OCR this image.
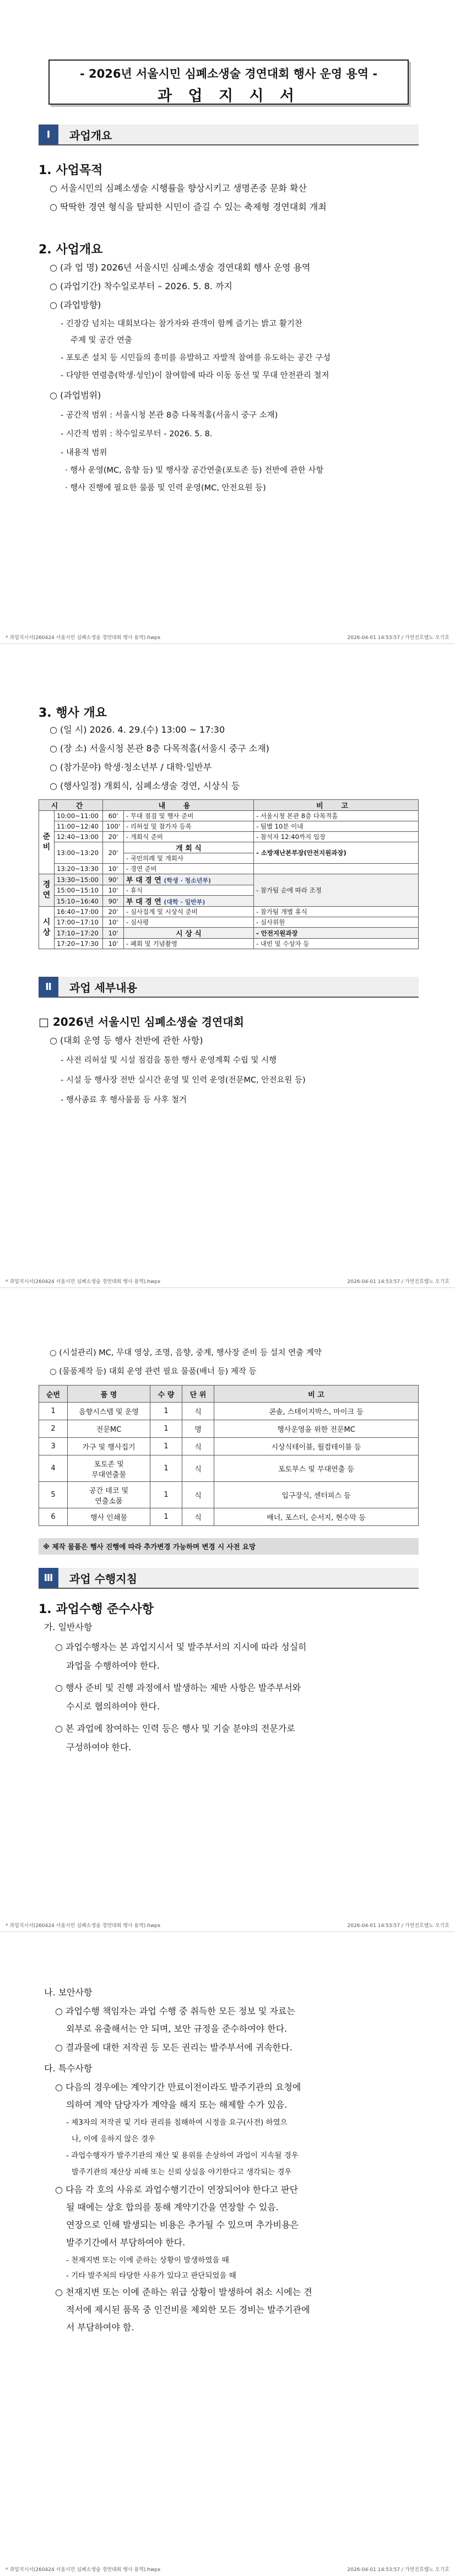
- 2026년 서울시민 심폐소생술 경연대회 행사 운영 용역 -
과 업 지 시 서
Ⅰ	과업개요
1. 사업목적
○ 서울시민의 심폐소생술 시행률을 향상시키고 생명존중 문화 확산
○ 딱딱한 경연 형식을 탈피한 시민이 즐길 수 있는 축제형 경연대회 개최
2. 사업개요
○ (과 업 명) 2026년 서울시민 심폐소생술 경연대회 행사 운영 용역
○ (과업기간) 착수일로부터 – 2026. 5. 8. 까지
○ (과업방향)
- 긴장감 넘치는 대회보다는 참가자와 관객이 함께 즐기는 밝고 활기찬
주제 및 공간 연출
- 포토존 설치 등 시민들의 흥미를 유발하고 자발적 참여를 유도하는 공간 구성
- 다양한 연령층(학생·성인)이 참여함에 따라 이동 동선 및 무대 안전관리 철저
○ (과업범위)
- 공간적 범위 : 서울시청 본관 8층 다목적홀(서울시 중구 소재)
- 시간적 범위 : 착수일로부터 - 2026. 5. 8.
- 내용적 범위
· 행사 운영(MC, 음향 등) 및 행사장 공간연출(포토존 등) 전반에 관한 사항
· 행사 진행에 필요한 물품 및 인력 운영(MC, 안전요원 등)
* 과업지시서(260424 서울시민 심폐소생술 경연대회 행사 용역).hwpx	2026-04-01 14:53:57 / 가연진호텔노 오기호
3. 행사 개요
○ (일 시) 2026. 4. 29.(수) 13:00 ~ 17:30
○ (장 소) 서울시청 본관 8층 다목적홀(서울시 중구 소재)
○ (참가문야) 학생·청소년부 / 대학·일반부
○ (행사일정) 개회식, 심폐소생술 경연, 시상식 등
시 간		내 용		비 고
준
비	10:00~11:00	60'	- 무대 점검 및 행사 준비	- 서울시청 본관 8층 다목적홀
	11:00~12:40	100'	- 리허설 및 참가자 등록	- 팀별 10분 이내
	12:40~13:00	20'	- 개회식 준비	- 참석자 12:40까지 입장
	13:00~13:20	20'	개 회 식	- 소방재난본부장(안전지원과장)
			- 국민의례 및 개회사	
	13:20~13:30	10'	- 경연 준비	
경
연	13:30~15:00	90'	부 대 경 연 (학생 · 청소년부)	- 참가팀 순에 따라 조정
	15:00~15:10	10'	- 휴식	
	15:10~16:40	90'	부 대 경 연 (대학 · 일반부)	
시
상	16:40~17:00	20'	- 심사집계 및 시상식 준비	- 참가팀 개별 휴식
	17:00~17:10	10'	- 심사평	- 심사위원
	17:10~17:20	10'	시 상 식	- 안전지원과장
	17:20~17:30	10'	- 폐회 및 기념촬영	- 내빈 및 수상자 등
Ⅱ	과업 세부내용
□ 2026년 서울시민 심폐소생술 경연대회
○ (대회 운영 등 행사 전반에 관한 사항)
- 사전 리허설 및 시설 점검을 통한 행사 운영계획 수립 및 시행
- 시설 등 행사장 전반 실시간 운영 및 인력 운영(전문MC, 안전요원 등)
- 행사종료 후 행사물품 등 사후 철거
* 과업지시서(260424 서울시민 심폐소생술 경연대회 행사 용역).hwpx	2026-04-01 14:53:57 / 가연진호텔노 오기호
○ (시설관리) MC, 무대 영상, 조명, 음향, 중계, 행사장 준비 등 설치 연출 계약
○ (물품제작 등) 대회 운영 관련 필요 물품(배너 등) 제작 등
순번	품 명	수 량	단 위	비 고
1	음향시스템 및 운영	1	식	콘솔, 스테이지박스, 마이크 등
2	전문MC	1	명	행사운영을 위한 전문MC
3	가구 및 행사집기	1	식	시상식테이블, 월컴테이블 등
4	포토존 및
무대연출물	1	식	포토부스 및 무대연출 등
5	공간 데코 및
연출소품	1	식	입구장식, 센터피스 등
6	행사 인쇄물	1	식	배너, 포스터, 순서지, 현수막 등
※ 제작 물품은 행사 진행에 따라 추가변경 가능하며 변경 시 사전 요망
Ⅲ	과업 수행지침
1. 과업수행 준수사항
가. 일반사항
○ 과업수행자는 본 과업지시서 및 발주부서의 지시에 따라 성실히
과업을 수행하여야 한다.
○ 행사 준비 및 진행 과정에서 발생하는 제반 사항은 발주부서와
수시로 협의하여야 한다.
○ 본 과업에 참여하는 인력 등은 행사 및 기술 분야의 전문가로
구성하여야 한다.
* 과업지시서(260424 서울시민 심폐소생술 경연대회 행사 용역).hwpx	2026-04-01 14:53:57 / 가연진호텔노 오기호
나. 보안사항
○ 과업수행 책임자는 과업 수행 중 취득한 모든 정보 및 자료는
외부로 유출해서는 안 되며, 보안 규정을 준수하여야 한다.
○ 결과물에 대한 저작권 등 모든 권리는 발주부서에 귀속한다.
다. 특수사항
○ 다음의 경우에는 계약기간 만료이전이라도 발주기관의 요청에
의하여 계약 담당자가 계약을 해지 또는 해제할 수가 있음.
- 제3자의 저작권 및 기타 권리를 침해하여 시정을 요구(사전) 하였으
나, 이에 응하지 않은 경우
- 과업수행자가 발주기관의 재산 및 용위를 손상하여 과업이 지속될 경우
발주기관의 재산상 피해 또는 신뢰 상실을 야기한다고 생각되는 경우
○ 다음 각 호의 사유로 과업수행기간이 연장되어야 한다고 판단
될 때에는 상호 합의를 통해 계약기간을 연장할 수 있음.
연장으로 인해 발생되는 비용은 추가될 수 있으며 추가비용은
발주기간에서 부담하여야 한다.
- 천재지변 또는 이에 준하는 상황이 발생하였을 때
- 기타 발주처의 타당한 사유가 있다고 판단되었을 때
○ 천재지변 또는 이에 준하는 위급 상황이 발생하여 취소 시에는 견
적서에 제시된 품목 중 인건비를 제외한 모든 경비는 발주기관에
서 부담하여야 함.
* 과업지시서(260424 서울시민 심폐소생술 경연대회 행사 용역).hwpx	2026-04-01 14:53:57 / 가연진호텔노 오기호
